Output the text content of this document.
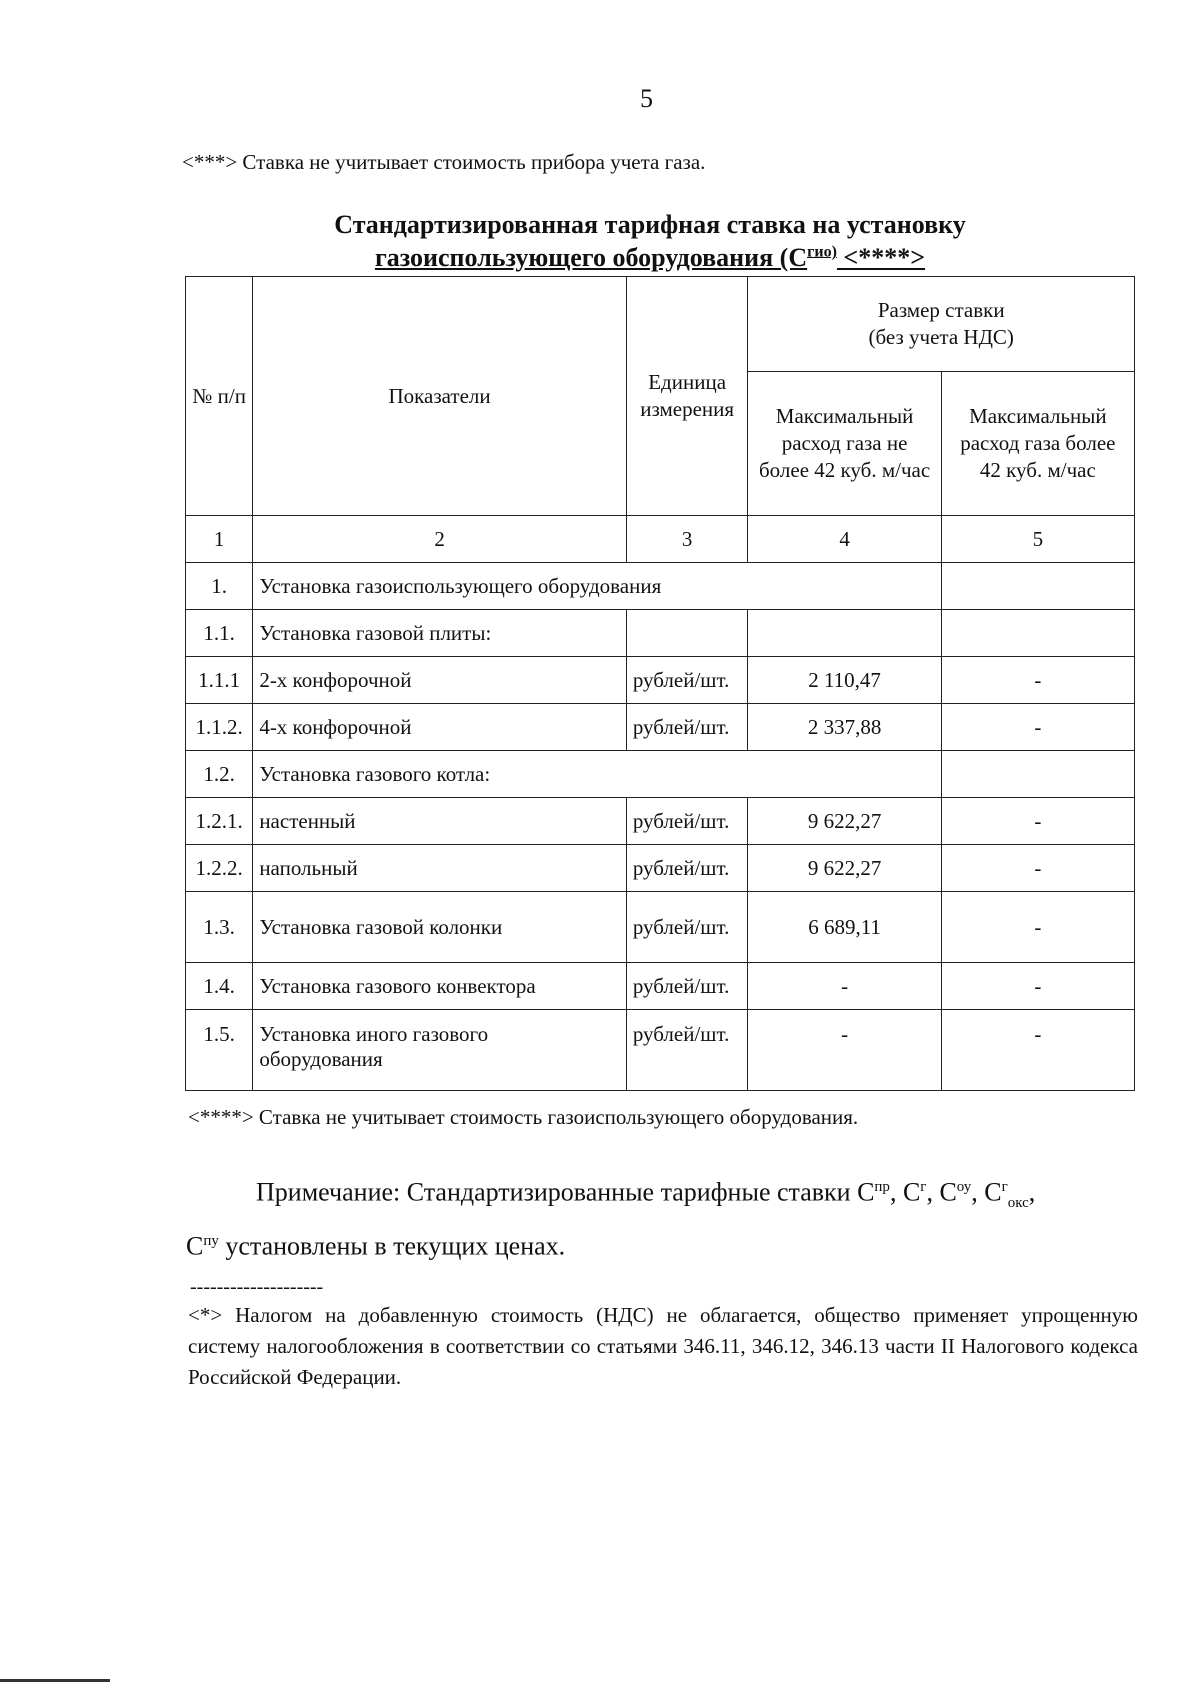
5
<***> Ставка не учитывает стоимость прибора учета газа.
Стандартизированная тарифная ставка на установку
газоиспользующего оборудования ($С^{гио)}$ <****>
№ п/п	Показатели	Единица измерения	Размер ставки
(без учета НДС)	
			Максимальный расход газа не более 42 куб. м/час	Максимальный расход газа более 42 куб. м/час
1	2	3	4	5
1.	Установка газоиспользующего оборудования			
1.1.	Установка газовой плиты:			
1.1.1	2-х конфорочной	рублей/шт.	2 110,47	-
1.1.2.	4-х конфорочной	рублей/шт.	2 337,88	-
1.2.	Установка газового котла:			
1.2.1.	настенный	рублей/шт.	9 622,27	-
1.2.2.	напольный	рублей/шт.	9 622,27	-
1.3.	Установка газовой колонки	рублей/шт.	6 689,11	-
1.4.	Установка газового конвектора	рублей/шт.	-	-
1.5.	Установка иного газового оборудования	рублей/шт.	-	-
<****> Ставка не учитывает стоимость газоиспользующего оборудования.
Примечание: Стандартизированные тарифные ставки $С^{пр}$, $С^г$, $С^{оу}$, $С^г_{окс}$,
$С^{пу}$ установлены в текущих ценах.
--------------------
<*> Налогом на добавленную стоимость (НДС) не облагается, общество применяет упрощенную систему налогообложения в соответствии со статьями 346.11, 346.12, 346.13 части II Налогового кодекса Российской Федерации.
